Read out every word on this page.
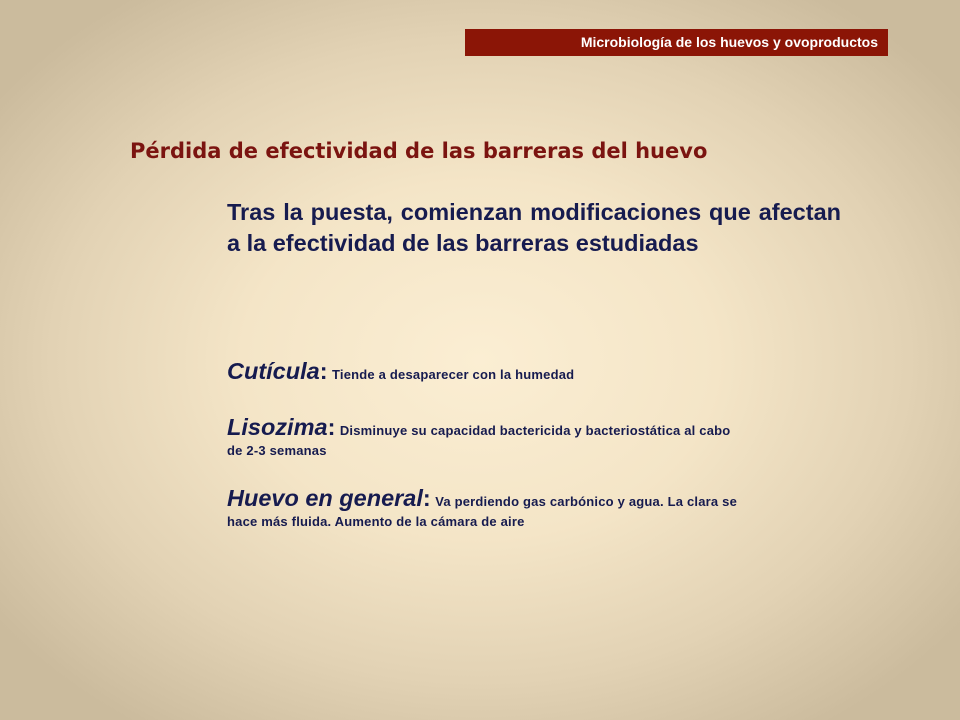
Microbiología de los huevos y ovoproductos
Pérdida de efectividad de las barreras del huevo

Tras la puesta, comienzan modificaciones que afectan a la efectividad de las barreras estudiadas

Cutícula: Tiende a desaparecer con la humedad

Lisozima: Disminuye su capacidad bactericida y bacteriostática al cabo
de 2-3 semanas

Huevo en general: Va perdiendo gas carbónico y agua. La clara se
hace más fluida. Aumento de la cámara de aire
